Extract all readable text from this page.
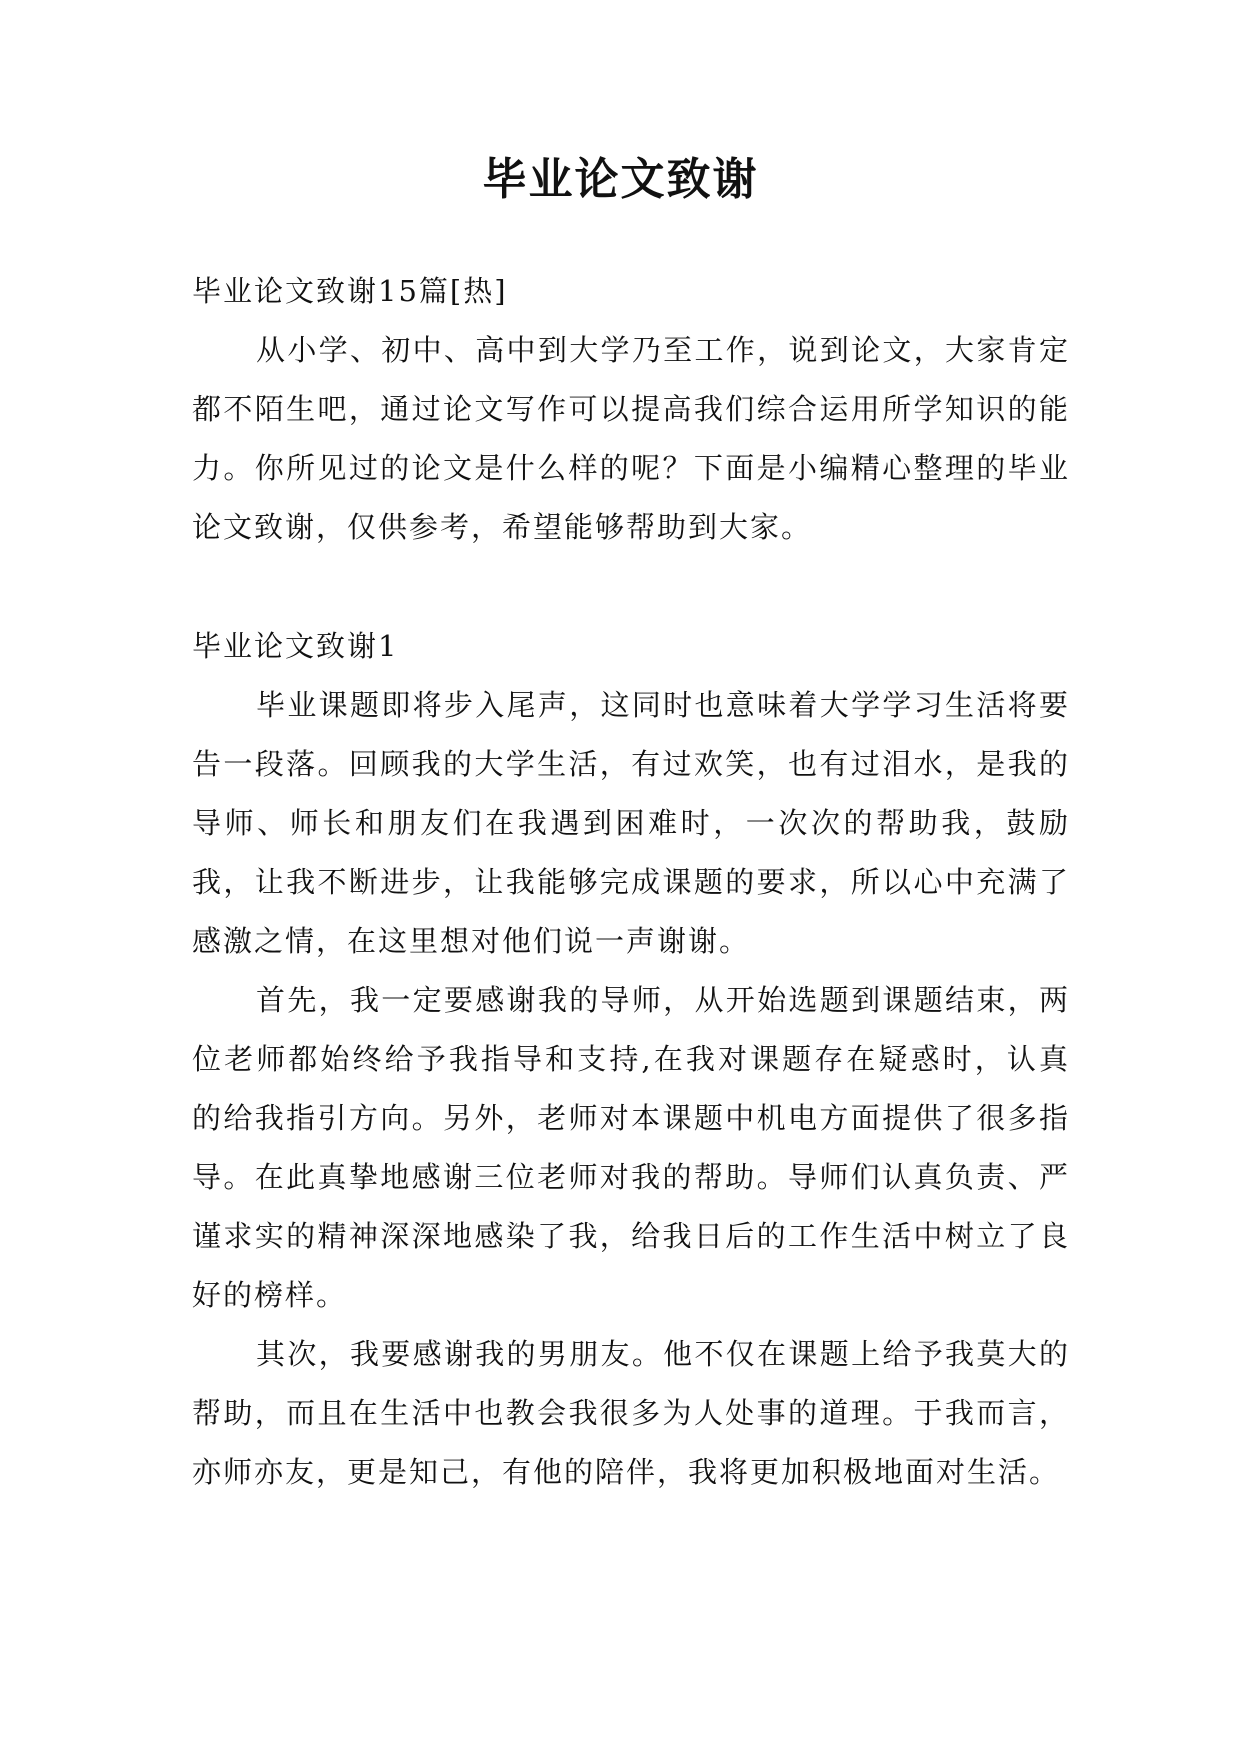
毕业论文致谢

毕业论文致谢15篇[热]

从小学、初中、高中到大学乃至工作，说到论文，大家肯定都不陌生吧，通过论文写作可以提高我们综合运用所学知识的能力。你所见过的论文是什么样的呢？下面是小编精心整理的毕业论文致谢，仅供参考，希望能够帮助到大家。

毕业论文致谢1

毕业课题即将步入尾声，这同时也意味着大学学习生活将要告一段落。回顾我的大学生活，有过欢笑，也有过泪水，是我的导师、师长和朋友们在我遇到困难时，一次次的帮助我，鼓励我，让我不断进步，让我能够完成课题的要求，所以心中充满了感激之情，在这里想对他们说一声谢谢。

首先，我一定要感谢我的导师，从开始选题到课题结束，两位老师都始终给予我指导和支持,在我对课题存在疑惑时，认真的给我指引方向。另外，老师对本课题中机电方面提供了很多指导。在此真挚地感谢三位老师对我的帮助。导师们认真负责、严谨求实的精神深深地感染了我，给我日后的工作生活中树立了良好的榜样。

其次，我要感谢我的男朋友。他不仅在课题上给予我莫大的帮助，而且在生活中也教会我很多为人处事的道理。于我而言，亦师亦友，更是知己，有他的陪伴，我将更加积极地面对生活。
